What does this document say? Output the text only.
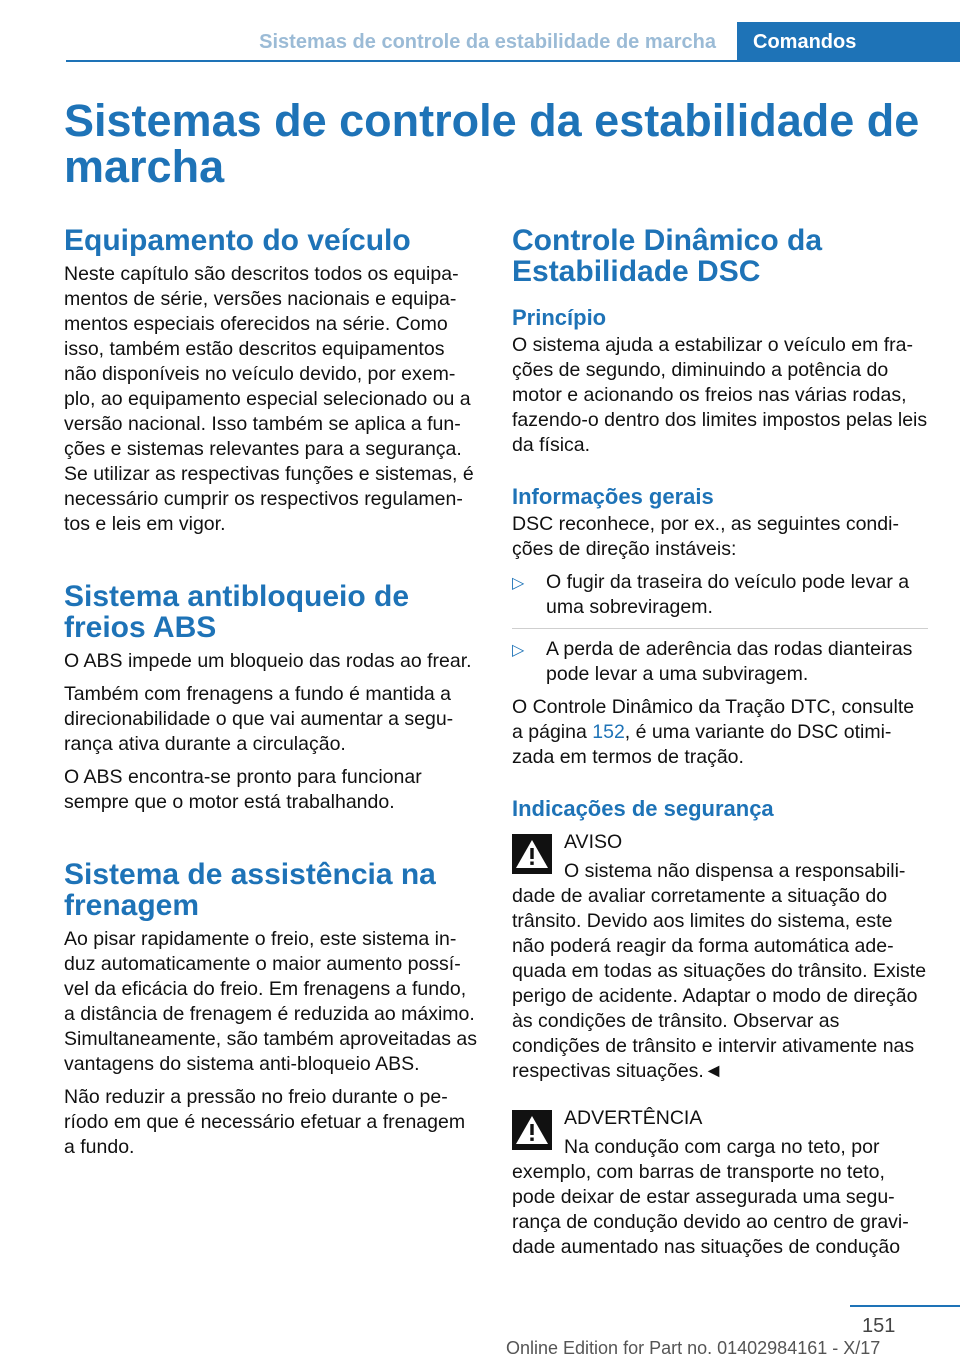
Sistemas de controle da estabilidade de marcha	Comandos
Sistemas de controle da estabilidade de marcha
Equipamento do veículo

Neste capítulo são descritos todos os equipa-mentos de série, versões nacionais e equipa-mentos especiais oferecidos na série. Como isso, também estão descritos equipamentos não disponíveis no veículo devido, por exem-plo, ao equipamento especial selecionado ou a versão nacional. Isso também se aplica a fun-ções e sistemas relevantes para a segurança. Se utilizar as respectivas funções e sistemas, é necessário cumprir os respectivos regulamen-tos e leis em vigor.

Sistema antibloqueio de freios ABS

O ABS impede um bloqueio das rodas ao frear.

Também com frenagens a fundo é mantida a direcionabilidade o que vai aumentar a segu-rança ativa durante a circulação.

O ABS encontra-se pronto para funcionar sempre que o motor está trabalhando.

Sistema de assistência na frenagem

Ao pisar rapidamente o freio, este sistema in-duz automaticamente o maior aumento possí-vel da eficácia do freio. Em frenagens a fundo, a distância de frenagem é reduzida ao máximo. Simultaneamente, são também aproveitadas as vantagens do sistema anti-bloqueio ABS.

Não reduzir a pressão no freio durante o pe-ríodo em que é necessário efetuar a frenagem a fundo.

Controle Dinâmico da Estabilidade DSC
Princípio

O sistema ajuda a estabilizar o veículo em fra-ções de segundo, diminuindo a potência do motor e acionando os freios nas várias rodas, fazendo-o dentro dos limites impostos pelas leis da física.

Informações gerais

DSC reconhece, por ex., as seguintes condi-ções de direção instáveis:

▷ O fugir da traseira do veículo pode levar a uma sobreviragem.
▷ A perda de aderência das rodas dianteiras pode levar a uma subviragem.

O Controle Dinâmico da Tração DTC, consulte a página 152, é uma variante do DSC otimi-zada em termos de tração.

Indicações de segurança
AVISO
O sistema não dispensa a responsabili-
dade de avaliar corretamente a situação do trânsito. Devido aos limites do sistema, este não poderá reagir da forma automática ade-quada em todas as situações do trânsito. Existe perigo de acidente. Adaptar o modo de direção às condições de trânsito. Observar as condições de trânsito e intervir ativamente nas respectivas situações.◄
ADVERTÊNCIA
Na condução com carga no teto, por
exemplo, com barras de transporte no teto, pode deixar de estar assegurada uma segu-rança de condução devido ao centro de gravi-dade aumentado nas situações de condução
151
Online Edition for Part no. 01402984161 - X/17
